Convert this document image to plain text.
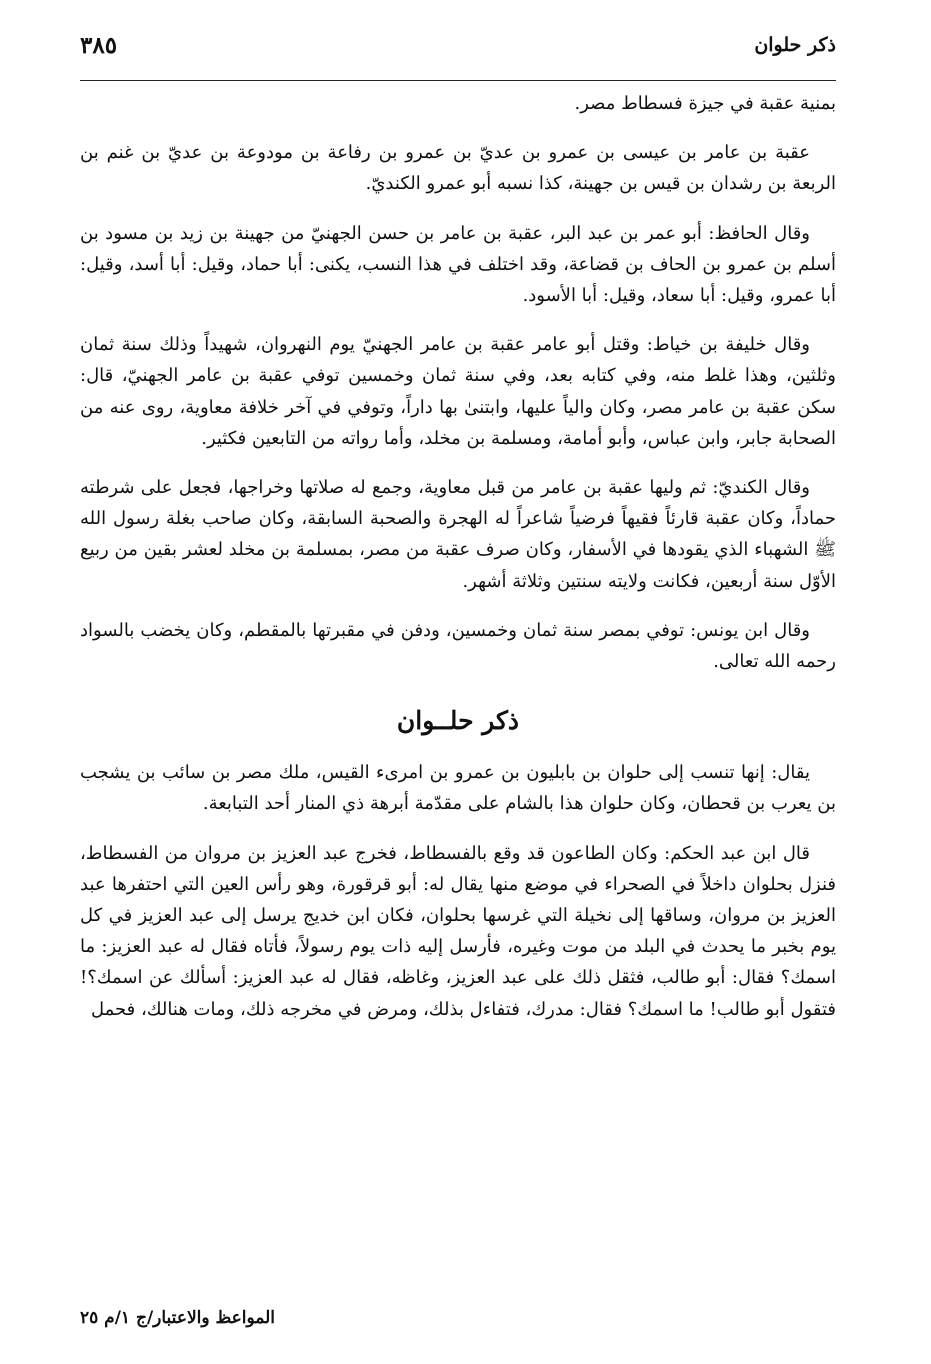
ذكر حلوان
٣٨٥

بمنية عقبة في جيزة فسطاط مصر.

عقبة بن عامر بن عيسى بن عمرو بن عديّ بن عمرو بن رفاعة بن مودوعة بن عديّ بن غنم بن الربعة بن رشدان بن قيس بن جهينة، كذا نسبه أبو عمرو الكنديّ.

وقال الحافظ: أبو عمر بن عبد البر، عقبة بن عامر بن حسن الجهنيّ من جهينة بن زيد بن مسود بن أسلم بن عمرو بن الحاف بن قضاعة، وقد اختلف في هذا النسب، يكنى: أبا حماد، وقيل: أبا أسد، وقيل: أبا عمرو، وقيل: أبا سعاد، وقيل: أبا الأسود.

وقال خليفة بن خياط: وقتل أبو عامر عقبة بن عامر الجهنيّ يوم النهروان، شهيداً وذلك سنة ثمان وثلثين، وهذا غلط منه، وفي كتابه بعد، وفي سنة ثمان وخمسين توفي عقبة بن عامر الجهنيّ، قال: سكن عقبة بن عامر مصر، وكان والياً عليها، وابتنىٰ بها داراً، وتوفي في آخر خلافة معاوية، روى عنه من الصحابة جابر، وابن عباس، وأبو أمامة، ومسلمة بن مخلد، وأما رواته من التابعين فكثير.

وقال الكنديّ: ثم وليها عقبة بن عامر من قبل معاوية، وجمع له صلاتها وخراجها، فجعل على شرطته حماداً، وكان عقبة قارئاً فقيهاً فرضياً شاعراً له الهجرة والصحبة السابقة، وكان صاحب بغلة رسول الله ﷺ الشهباء الذي يقودها في الأسفار، وكان صرف عقبة من مصر، بمسلمة بن مخلد لعشر بقين من ربيع الأوّل سنة أربعين، فكانت ولايته سنتين وثلاثة أشهر.

وقال ابن يونس: توفي بمصر سنة ثمان وخمسين، ودفن في مقبرتها بالمقطم، وكان يخضب بالسواد رحمه الله تعالى.

ذكر حلــوان

يقال: إنها تنسب إلى حلوان بن بابليون بن عمرو بن امرىء القيس، ملك مصر بن سائب بن يشجب بن يعرب بن قحطان، وكان حلوان هذا بالشام على مقدّمة أبرهة ذي المنار أحد التبابعة.

قال ابن عبد الحكم: وكان الطاعون قد وقع بالفسطاط، فخرج عبد العزيز بن مروان من الفسطاط، فنزل بحلوان داخلاً في الصحراء في موضع منها يقال له: أبو قرقورة، وهو رأس العين التي احتفرها عبد العزيز بن مروان، وساقها إلى نخيلة التي غرسها بحلوان، فكان ابن خديج يرسل إلى عبد العزيز في كل يوم بخبر ما يحدث في البلد من موت وغيره، فأرسل إليه ذات يوم رسولاً، فأتاه فقال له عبد العزيز: ما اسمك؟ فقال: أبو طالب، فثقل ذلك على عبد العزيز، وغاظه، فقال له عبد العزيز: أسألك عن اسمك؟! فتقول أبو طالب! ما اسمك؟ فقال: مدرك، فتفاءل بذلك، ومرض في مخرجه ذلك، ومات هنالك، فحمل

المواعظ والاعتبار/ج ١/م ٢٥
